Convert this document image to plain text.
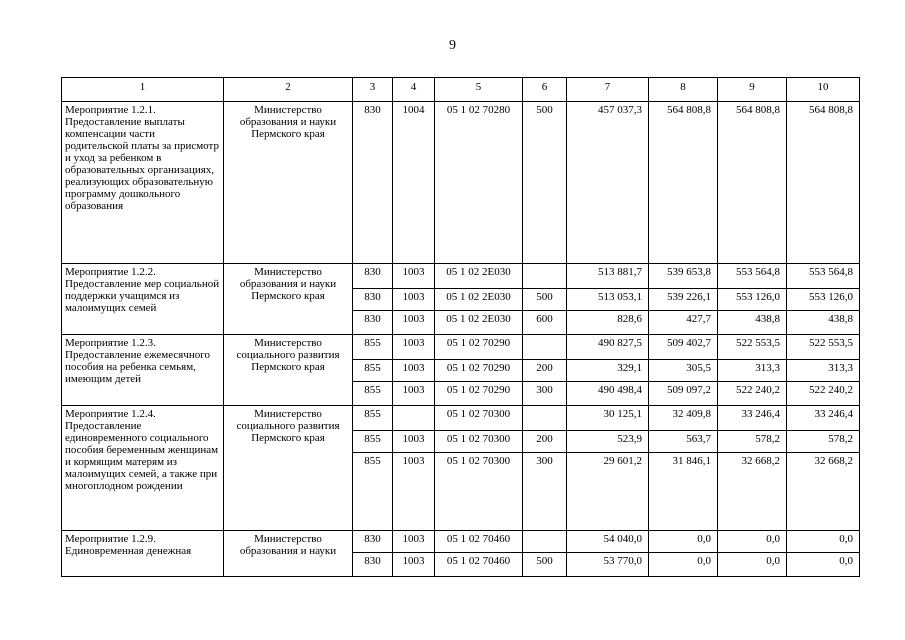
9
1	2	3	4	5	6	7	8	9	10
Мероприятие 1.2.1.
Предоставление выплаты компенсации части родительской платы за присмотр и уход за ребенком в образовательных организациях, реализующих образовательную программу дошкольного образования	Министерство образования и науки Пермского края	830	1004	05 1 02 70280	500	457 037,3	564 808,8	564 808,8	564 808,8
Мероприятие 1.2.2.
Предоставление мер социальной поддержки учащимся из малоимущих семей	Министерство образования и науки Пермского края	830	1003	05 1 02 2Е030		513 881,7	539 653,8	553 564,8	553 564,8
		830	1003	05 1 02 2Е030	500	513 053,1	539 226,1	553 126,0	553 126,0
		830	1003	05 1 02 2Е030	600	828,6	427,7	438,8	438,8
Мероприятие 1.2.3.
Предоставление ежемесячного пособия на ребенка семьям, имеющим детей	Министерство социального развития Пермского края	855	1003	05 1 02 70290		490 827,5	509 402,7	522 553,5	522 553,5
		855	1003	05 1 02 70290	200	329,1	305,5	313,3	313,3
		855	1003	05 1 02 70290	300	490 498,4	509 097,2	522 240,2	522 240,2
Мероприятие 1.2.4.
Предоставление единовременного социального пособия беременным женщинам и кормящим матерям из малоимущих семей, а также при многоплодном рождении	Министерство социального развития Пермского края	855		05 1 02 70300		30 125,1	32 409,8	33 246,4	33 246,4
		855	1003	05 1 02 70300	200	523,9	563,7	578,2	578,2
		855	1003	05 1 02 70300	300	29 601,2	31 846,1	32 668,2	32 668,2
Мероприятие 1.2.9.
Единовременная денежная	Министерство образования и науки	830	1003	05 1 02 70460		54 040,0	0,0	0,0	0,0
		830	1003	05 1 02 70460	500	53 770,0	0,0	0,0	0,0
